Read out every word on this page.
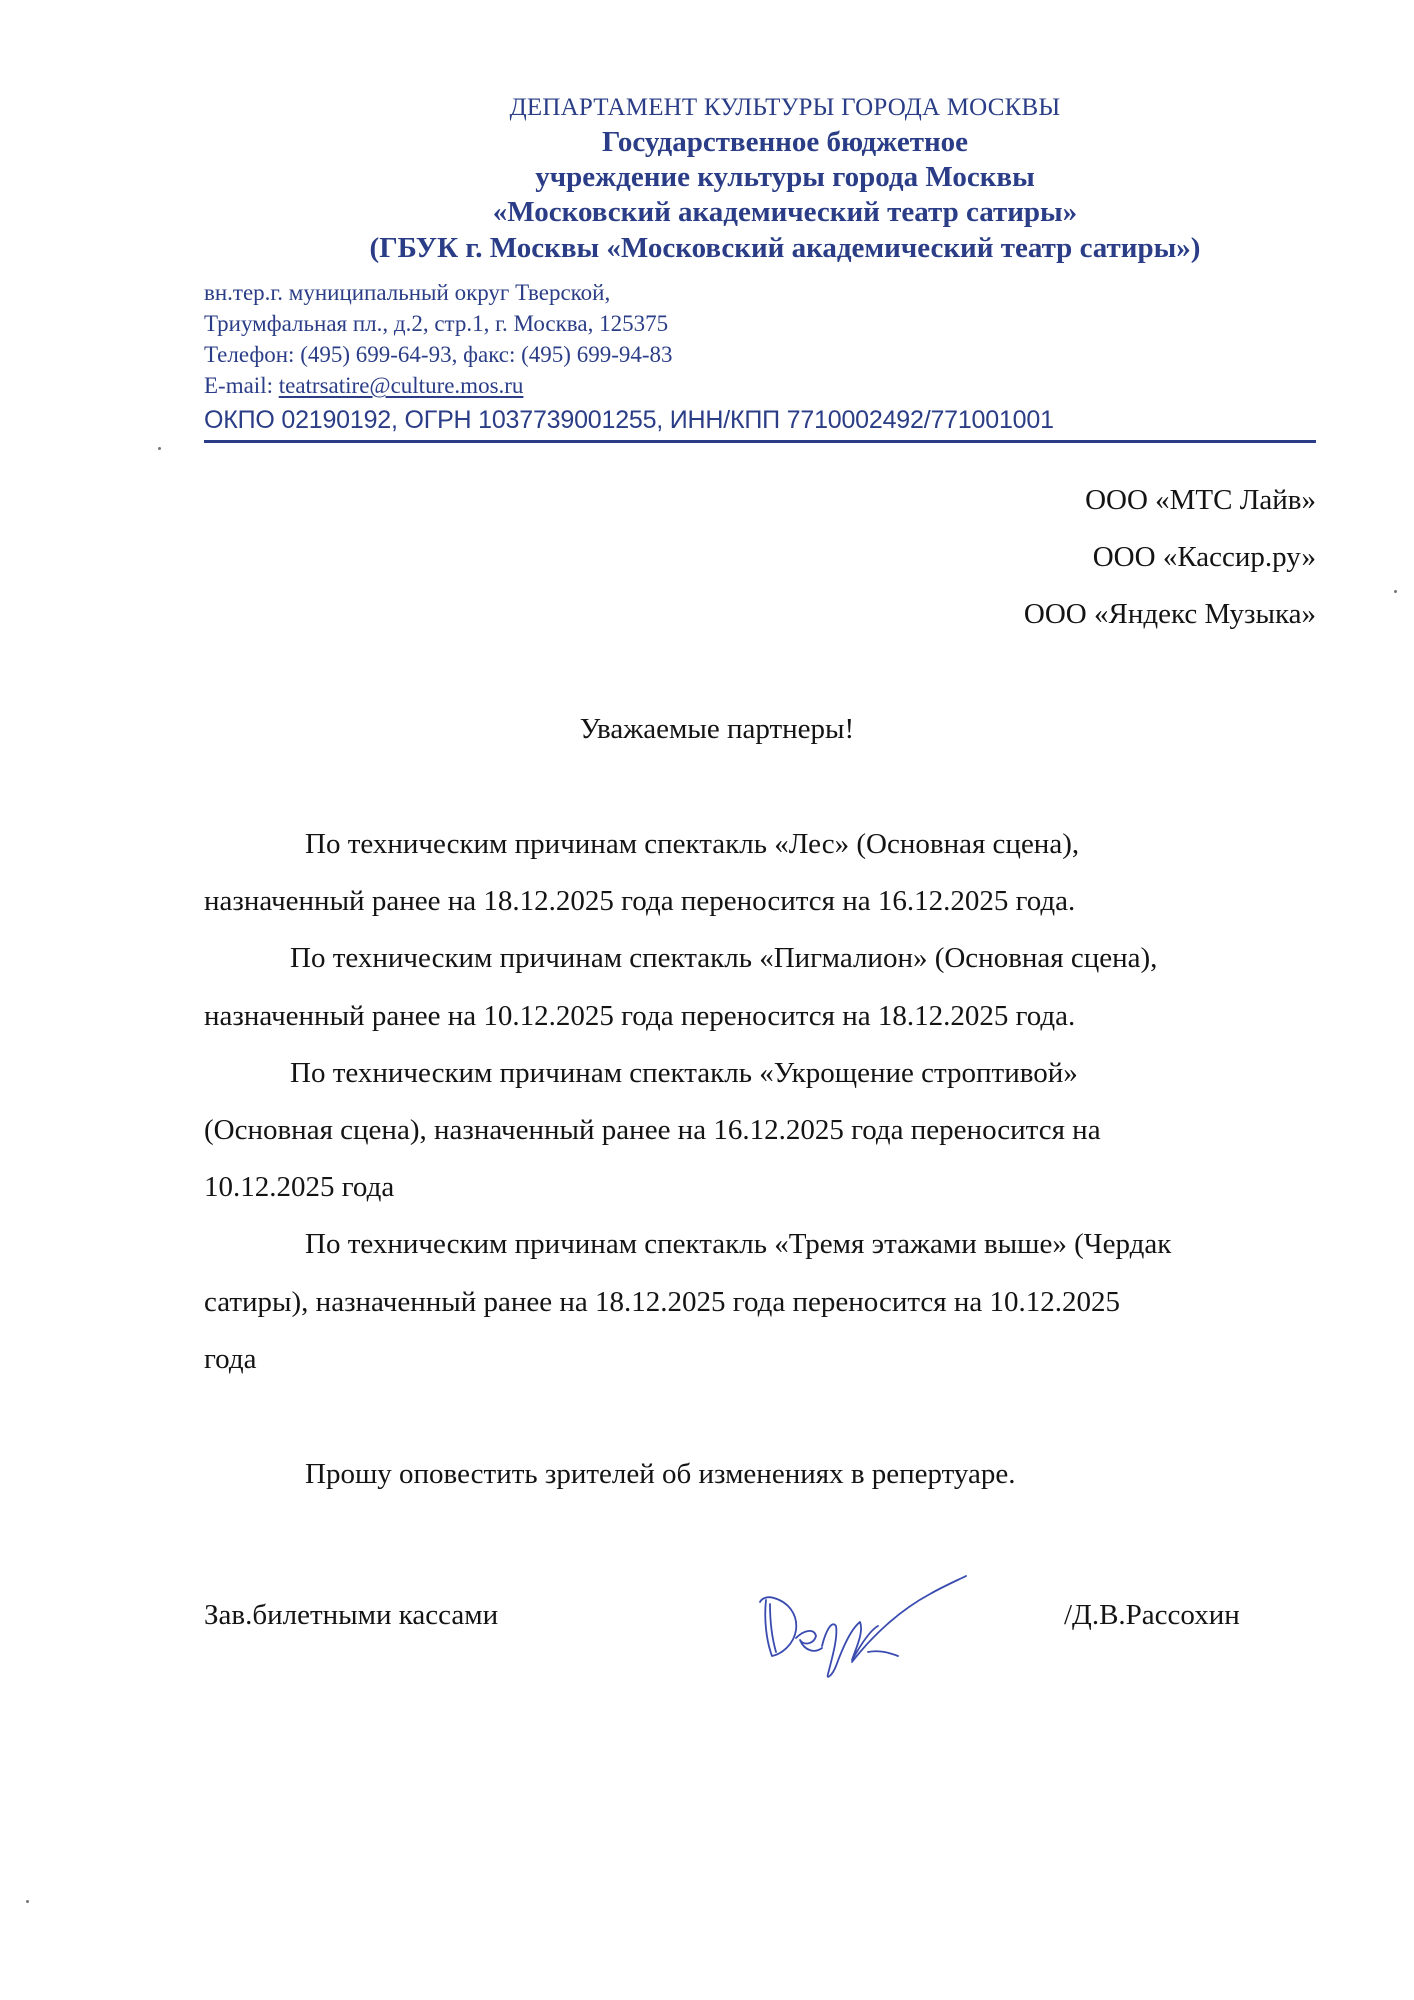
ДЕПАРТАМЕНТ КУЛЬТУРЫ ГОРОДА МОСКВЫ
Государственное бюджетное
учреждение культуры города Москвы
«Московский академический театр сатиры»
(ГБУК г. Москвы «Московский академический театр сатиры»)
вн.тер.г. муниципальный округ Тверской,
Триумфальная пл., д.2, стр.1, г. Москва, 125375
Телефон: (495) 699-64-93, факс: (495) 699-94-83
E-mail: teatrsatire@culture.mos.ru
ОКПО 02190192, ОГРН 1037739001255, ИНН/КПП 7710002492/771001001
ООО «МТС Лайв»
ООО «Кассир.ру»
ООО «Яндекс Музыка»
Уважаемые партнеры!
По техническим причинам спектакль «Лес» (Основная сцена),
назначенный ранее на 18.12.2025 года переносится на 16.12.2025 года.
По техническим причинам спектакль «Пигмалион» (Основная сцена),
назначенный ранее на 10.12.2025 года переносится на 18.12.2025 года.
По техническим причинам спектакль «Укрощение строптивой»
(Основная сцена), назначенный ранее на 16.12.2025 года переносится на
10.12.2025 года
По техническим причинам спектакль «Тремя этажами выше» (Чердак
сатиры), назначенный ранее на 18.12.2025 года переносится на 10.12.2025
года
Прошу оповестить зрителей об изменениях в репертуаре.
Зав.билетными кассами	/Д.В.Рассохин
